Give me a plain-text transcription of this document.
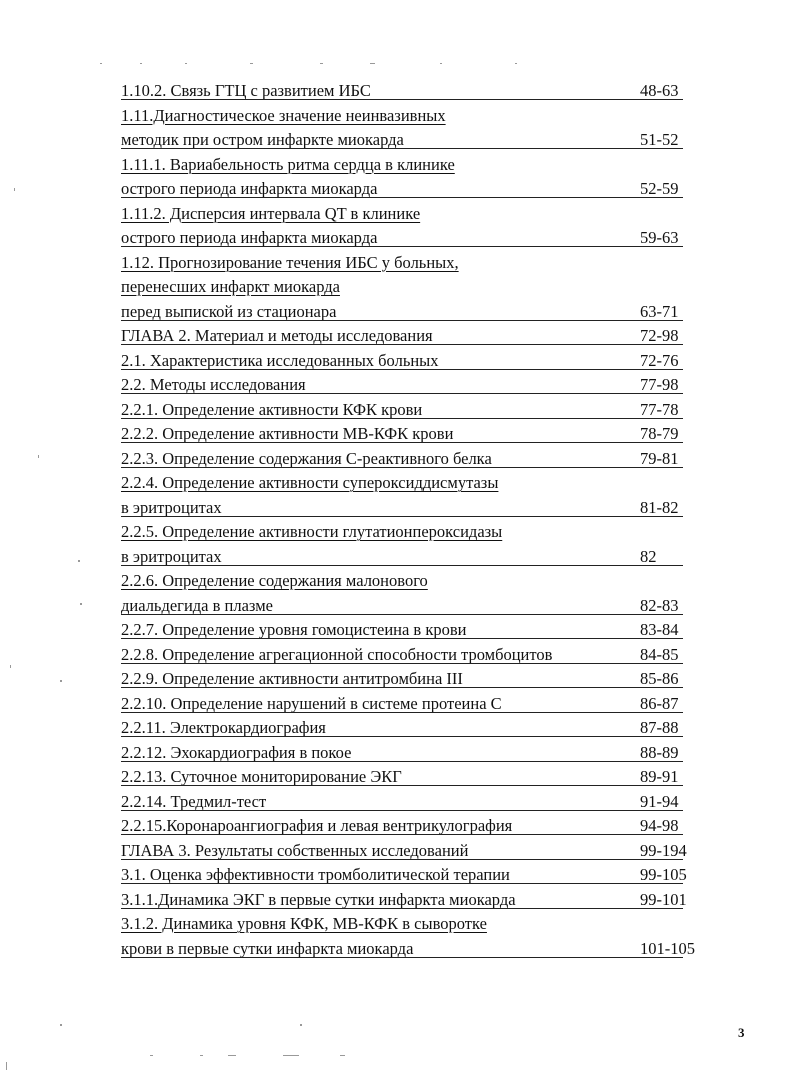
1.10.2. Связь ГТЦ с развитием ИБС	48-63
1.11.Диагностическое значение неинвазивных
методик при остром инфаркте миокарда	51-52
1.11.1. Вариабельность ритма сердца в клинике
острого периода инфаркта миокарда	52-59
1.11.2. Дисперсия интервала QT в клинике
острого периода инфаркта миокарда	59-63
1.12. Прогнозирование течения ИБС у больных,
перенесших инфаркт миокарда
перед выпиской из стационара	63-71
ГЛАВА 2. Материал и методы исследования	72-98
2.1. Характеристика исследованных больных	72-76
2.2. Методы исследования	77-98
2.2.1. Определение активности КФК крови	77-78
2.2.2. Определение активности МВ-КФК крови	78-79
2.2.3. Определение содержания С-реактивного белка	79-81
2.2.4. Определение активности супероксиддисмутазы
в эритроцитах	81-82
2.2.5. Определение активности глутатионпероксидазы
в эритроцитах	82
2.2.6. Определение содержания малонового
диальдегида в плазме	82-83
2.2.7. Определение уровня гомоцистеина в крови	83-84
2.2.8. Определение агрегационной способности тромбоцитов	84-85
2.2.9. Определение активности антитромбина III	85-86
2.2.10. Определение нарушений в системе протеина С	86-87
2.2.11. Электрокардиография	87-88
2.2.12. Эхокардиография в покое	88-89
2.2.13. Суточное мониторирование ЭКГ	89-91
2.2.14. Тредмил-тест	91-94
2.2.15.Коронароангиография и левая вентрикулография	94-98
ГЛАВА 3. Результаты собственных исследований	99-194
3.1. Оценка эффективности тромболитической терапии	99-105
3.1.1.Динамика ЭКГ в первые сутки инфаркта миокарда	99-101
3.1.2. Динамика уровня КФК, МВ-КФК в сыворотке
крови в первые сутки инфаркта миокарда	101-105
3
